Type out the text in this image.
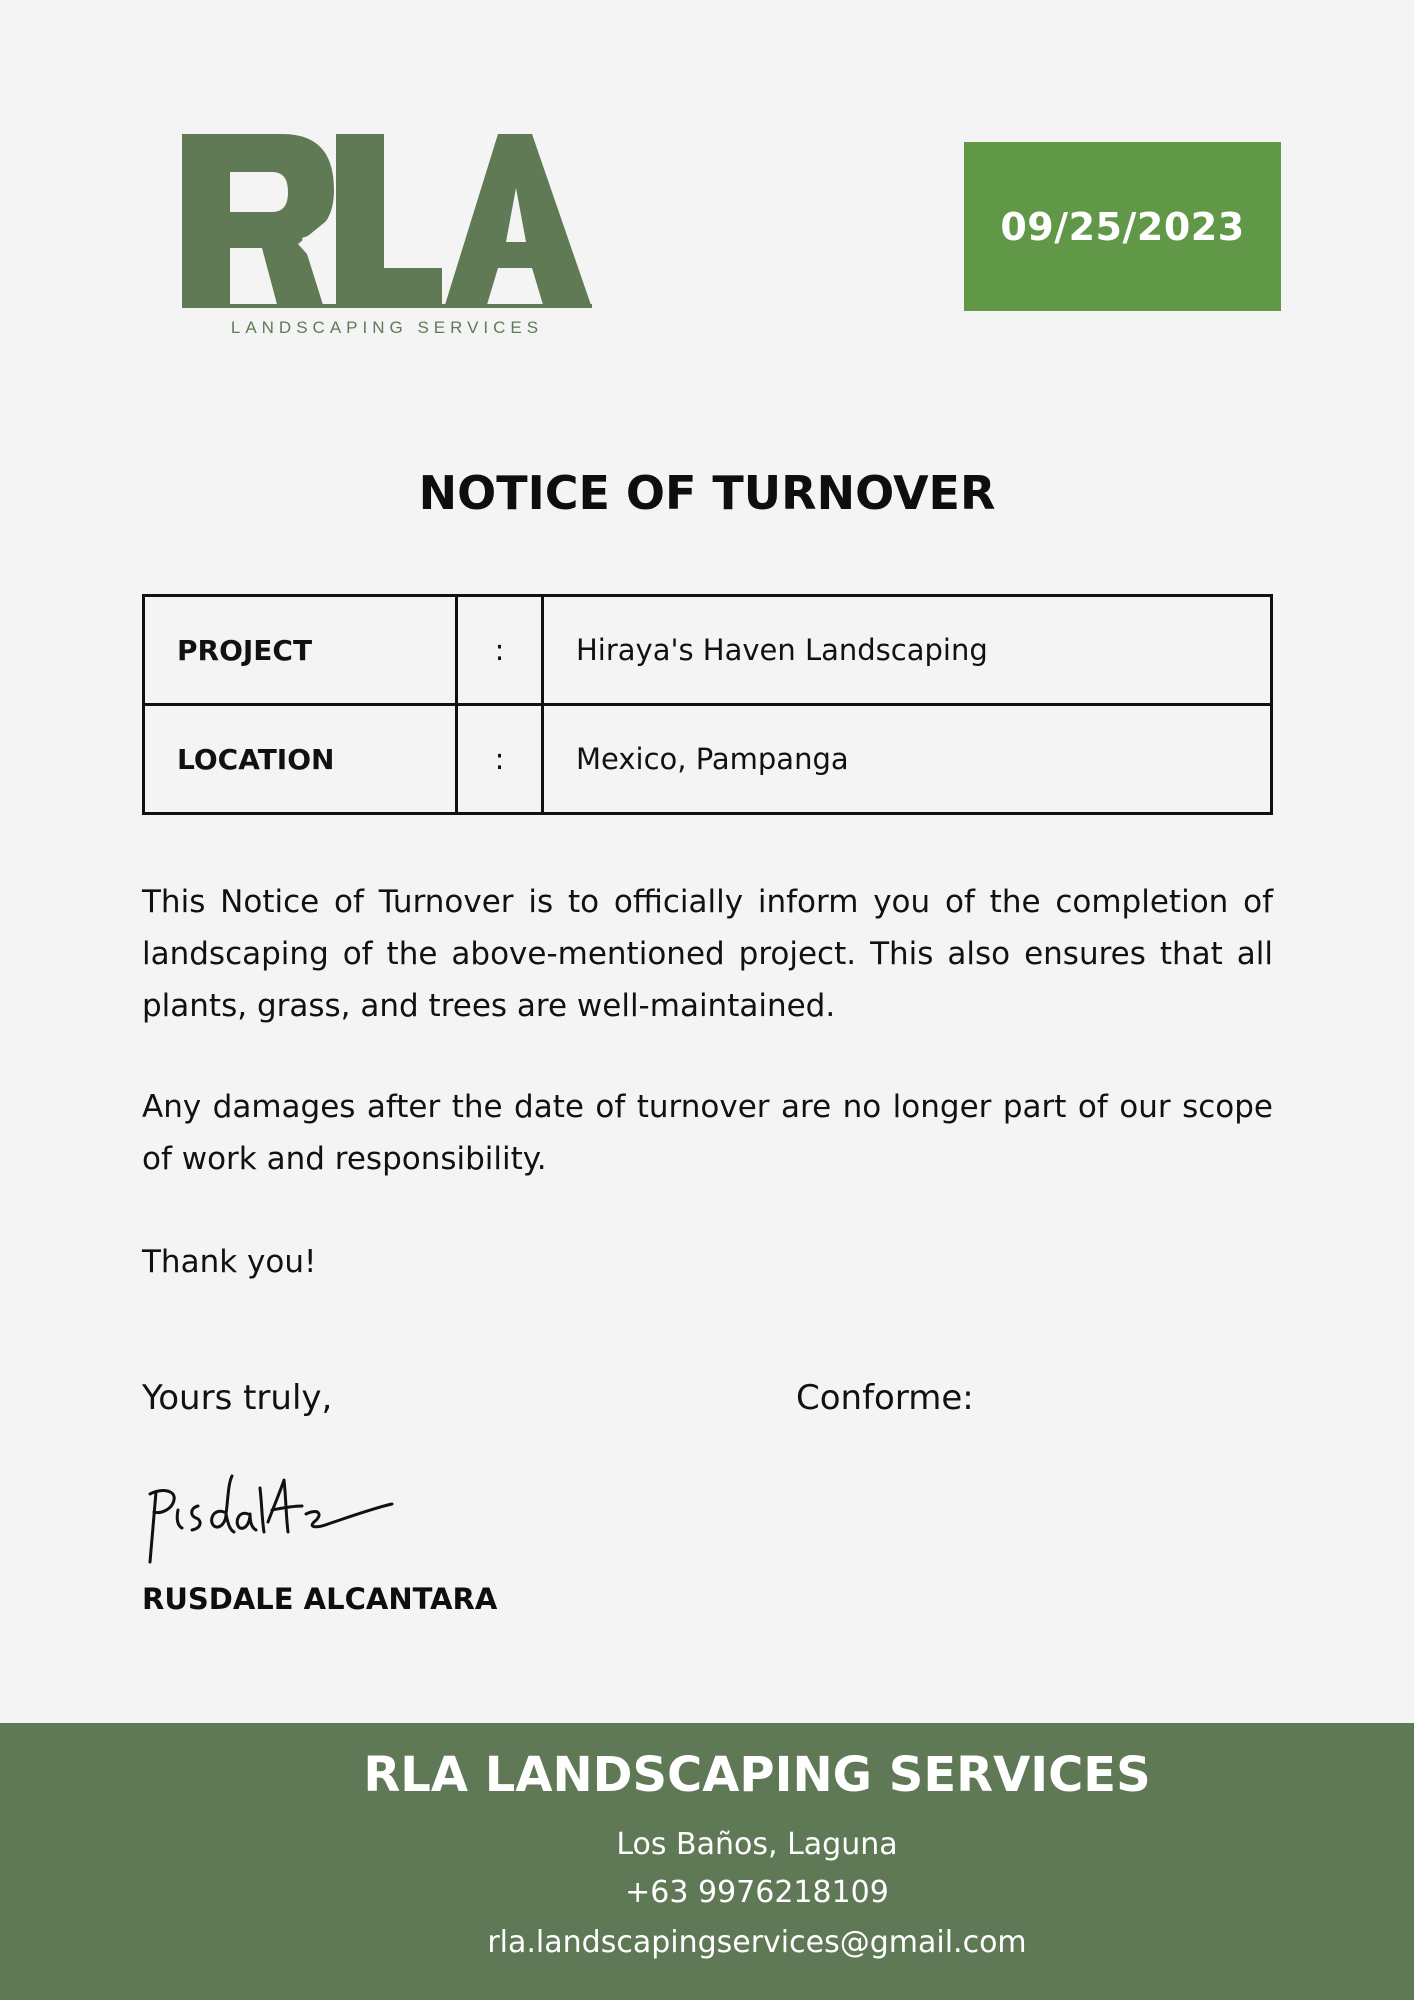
LANDSCAPING SERVICES
09/25/2023
NOTICE OF TURNOVER
PROJECT	:	Hiraya's Haven Landscaping
LOCATION	:	Mexico, Pampanga
This Notice of Turnover is to officially inform you of the completion of landscaping of the above-mentioned project. This also ensures that all plants, grass, and trees are well-maintained.
Any damages after the date of turnover are no longer part of our scope of work and responsibility.
Thank you!
Yours truly,	Conforme:
RUSDALE ALCANTARA
RLA LANDSCAPING SERVICES
Los Baños, Laguna
+63 9976218109
rla.landscapingservices@gmail.com
